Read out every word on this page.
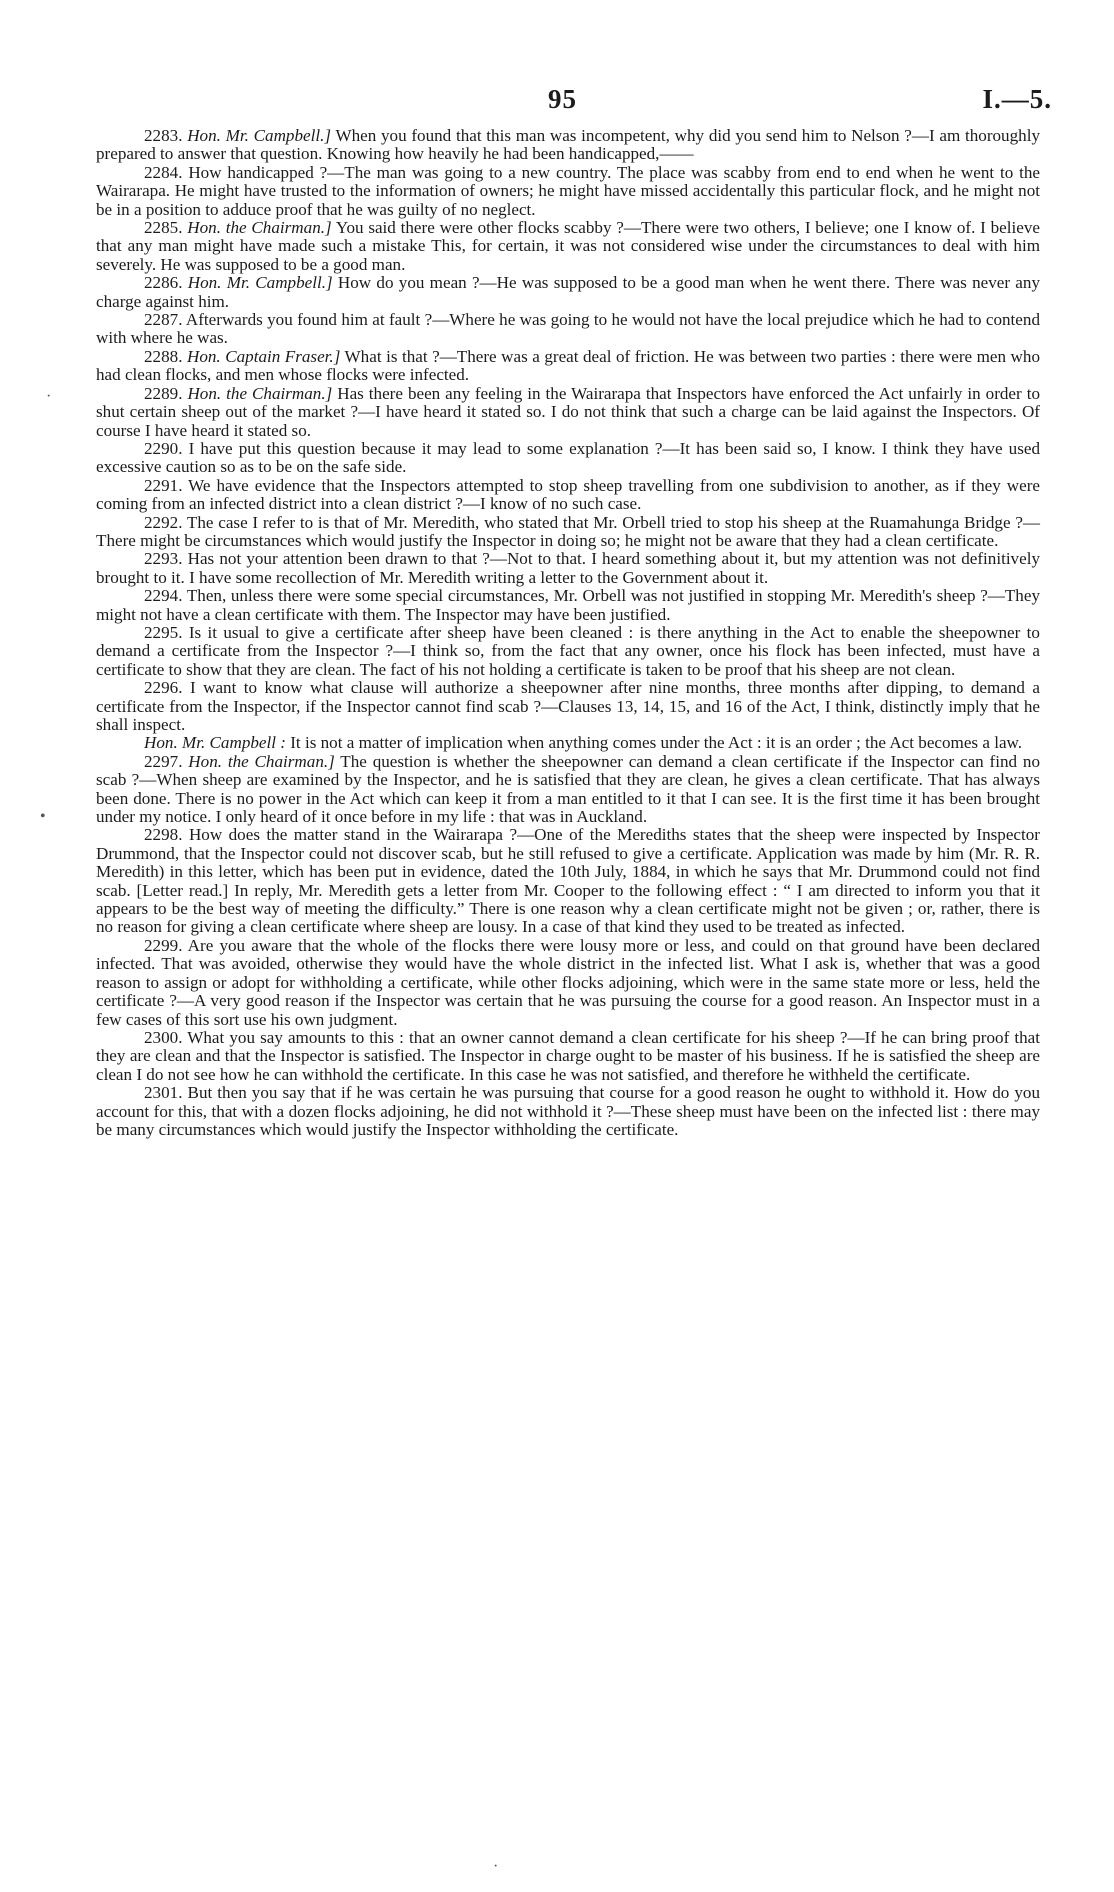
95	I.—5.

2283. Hon. Mr. Campbell.] When you found that this man was incompetent, why did you send him to Nelson ?—I am thoroughly prepared to answer that question. Knowing how heavily he had been handicapped,——

2284. How handicapped ?—The man was going to a new country. The place was scabby from end to end when he went to the Wairarapa. He might have trusted to the information of owners; he might have missed accidentally this particular flock, and he might not be in a position to adduce proof that he was guilty of no neglect.

2285. Hon. the Chairman.] You said there were other flocks scabby ?—There were two others, I believe; one I know of. I believe that any man might have made such a mistake This, for certain, it was not considered wise under the circumstances to deal with him severely. He was supposed to be a good man.

2286. Hon. Mr. Campbell.] How do you mean ?—He was supposed to be a good man when he went there. There was never any charge against him.

2287. Afterwards you found him at fault ?—Where he was going to he would not have the local prejudice which he had to contend with where he was.

2288. Hon. Captain Fraser.] What is that ?—There was a great deal of friction. He was between two parties : there were men who had clean flocks, and men whose flocks were infected.

2289. Hon. the Chairman.] Has there been any feeling in the Wairarapa that Inspectors have enforced the Act unfairly in order to shut certain sheep out of the market ?—I have heard it stated so. I do not think that such a charge can be laid against the Inspectors. Of course I have heard it stated so.

2290. I have put this question because it may lead to some explanation ?—It has been said so, I know. I think they have used excessive caution so as to be on the safe side.

2291. We have evidence that the Inspectors attempted to stop sheep travelling from one subdivision to another, as if they were coming from an infected district into a clean district ?—I know of no such case.

2292. The case I refer to is that of Mr. Meredith, who stated that Mr. Orbell tried to stop his sheep at the Ruamahunga Bridge ?—There might be circumstances which would justify the Inspector in doing so; he might not be aware that they had a clean certificate.

2293. Has not your attention been drawn to that ?—Not to that. I heard something about it, but my attention was not definitively brought to it. I have some recollection of Mr. Meredith writing a letter to the Government about it.

2294. Then, unless there were some special circumstances, Mr. Orbell was not justified in stopping Mr. Meredith's sheep ?—They might not have a clean certificate with them. The Inspector may have been justified.

2295. Is it usual to give a certificate after sheep have been cleaned : is there anything in the Act to enable the sheepowner to demand a certificate from the Inspector ?—I think so, from the fact that any owner, once his flock has been infected, must have a certificate to show that they are clean. The fact of his not holding a certificate is taken to be proof that his sheep are not clean.

2296. I want to know what clause will authorize a sheepowner after nine months, three months after dipping, to demand a certificate from the Inspector, if the Inspector cannot find scab ?—Clauses 13, 14, 15, and 16 of the Act, I think, distinctly imply that he shall inspect.

Hon. Mr. Campbell : It is not a matter of implication when anything comes under the Act : it is an order ; the Act becomes a law.

2297. Hon. the Chairman.] The question is whether the sheepowner can demand a clean certificate if the Inspector can find no scab ?—When sheep are examined by the Inspector, and he is satisfied that they are clean, he gives a clean certificate. That has always been done. There is no power in the Act which can keep it from a man entitled to it that I can see. It is the first time it has been brought under my notice. I only heard of it once before in my life : that was in Auckland.

2298. How does the matter stand in the Wairarapa ?—One of the Merediths states that the sheep were inspected by Inspector Drummond, that the Inspector could not discover scab, but he still refused to give a certificate. Application was made by him (Mr. R. R. Meredith) in this letter, which has been put in evidence, dated the 10th July, 1884, in which he says that Mr. Drummond could not find scab. [Letter read.] In reply, Mr. Meredith gets a letter from Mr. Cooper to the following effect : “ I am directed to inform you that it appears to be the best way of meeting the difficulty.” There is one reason why a clean certificate might not be given ; or, rather, there is no reason for giving a clean certificate where sheep are lousy. In a case of that kind they used to be treated as infected.

2299. Are you aware that the whole of the flocks there were lousy more or less, and could on that ground have been declared infected. That was avoided, otherwise they would have the whole district in the infected list. What I ask is, whether that was a good reason to assign or adopt for withholding a certificate, while other flocks adjoining, which were in the same state more or less, held the certificate ?—A very good reason if the Inspector was certain that he was pursuing the course for a good reason. An Inspector must in a few cases of this sort use his own judgment.

2300. What you say amounts to this : that an owner cannot demand a clean certificate for his sheep ?—If he can bring proof that they are clean and that the Inspector is satisfied. The Inspector in charge ought to be master of his business. If he is satisfied the sheep are clean I do not see how he can withhold the certificate. In this case he was not satisfied, and therefore he withheld the certificate.

2301. But then you say that if he was certain he was pursuing that course for a good reason he ought to withhold it. How do you account for this, that with a dozen flocks adjoining, he did not withhold it ?—These sheep must have been on the infected list : there may be many circumstances which would justify the Inspector withholding the certificate.

·
•
·
